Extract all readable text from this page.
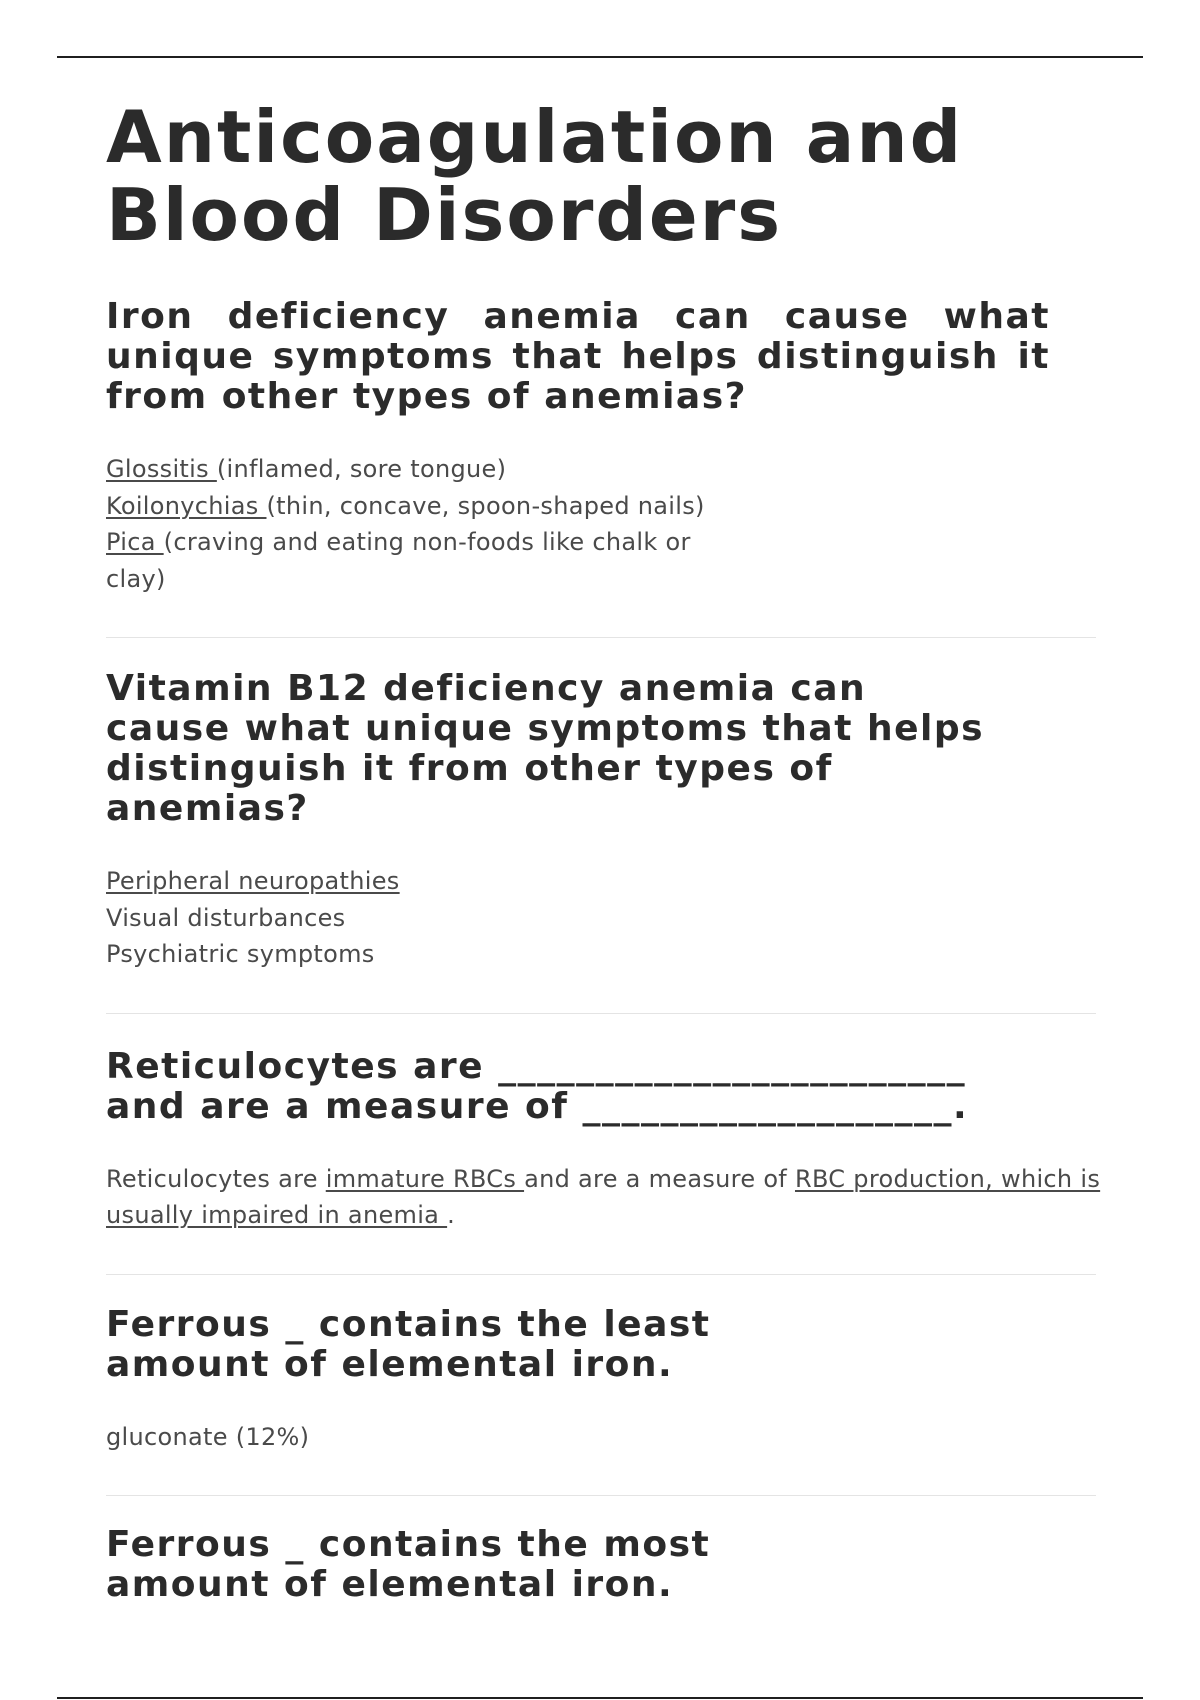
Anticoagulation and
Blood Disorders

Iron deficiency anemia can cause what unique symptoms that helps distinguish it from other types of anemias?

Glossitis (inflamed, sore tongue)
Koilonychias (thin, concave, spoon-shaped nails) Pica (craving and eating non-foods like chalk or clay)

Vitamin B12 deficiency anemia can
cause what unique symptoms that helps
distinguish it from other types of
anemias?

Peripheral neuropathies
Visual disturbances
Psychiatric symptoms

Reticulocytes are ________________________
and are a measure of ___________________.

Reticulocytes are immature RBCs and are a measure of RBC production, which is usually impaired in anemia .

Ferrous _ contains the least
amount of elemental iron.

gluconate (12%)

Ferrous _ contains the most
amount of elemental iron.
